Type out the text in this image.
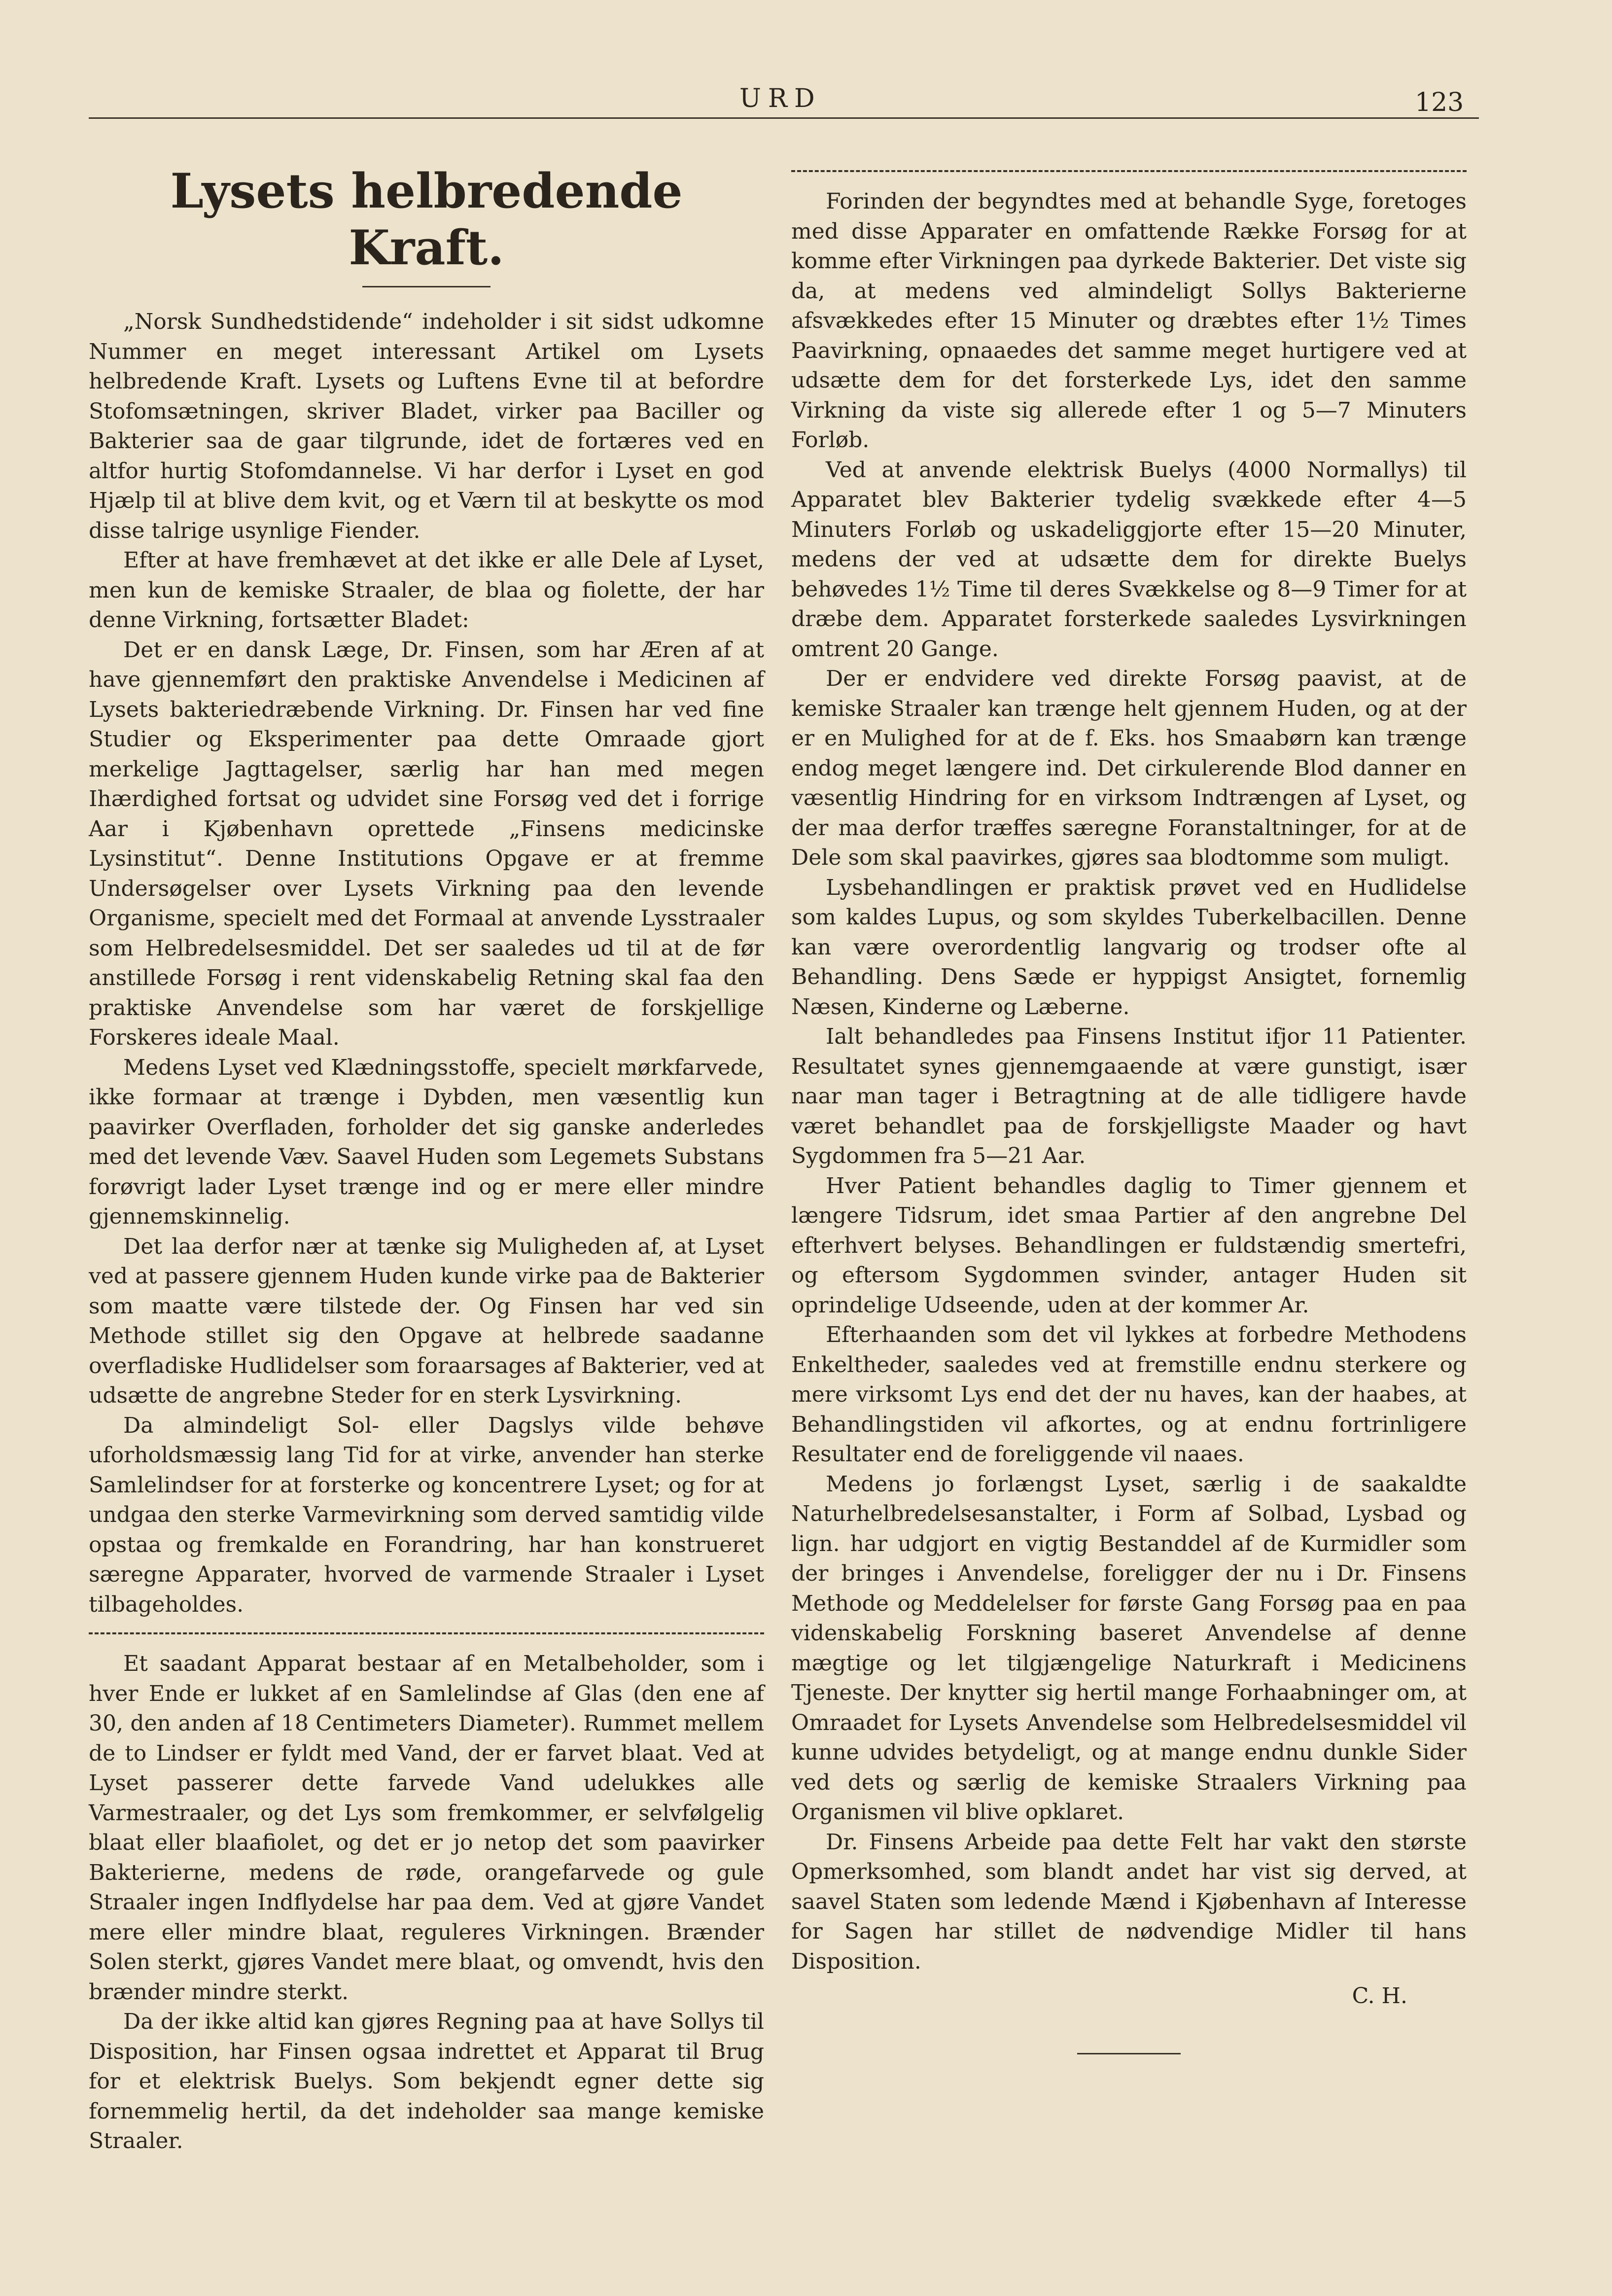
URD	123
Lysets helbredende Kraft.

„Norsk Sundhedstidende“ indeholder i sit sidst udkomne Nummer en meget interessant Artikel om Lysets helbredende Kraft. Lysets og Luftens Evne til at befordre Stofomsætningen, skriver Bladet, virker paa Baciller og Bakterier saa de gaar tilgrunde, idet de fortæres ved en altfor hurtig Stofomdannelse. Vi har derfor i Lyset en god Hjælp til at blive dem kvit, og et Værn til at beskytte os mod disse talrige usynlige Fiender.

Efter at have fremhævet at det ikke er alle Dele af Lyset, men kun de kemiske Straaler, de blaa og fiolette, der har denne Virkning, fortsætter Bladet:

Det er en dansk Læge, Dr. Finsen, som har Æren af at have gjennemført den praktiske Anvendelse i Medicinen af Lysets bakteriedræbende Virkning. Dr. Finsen har ved fine Studier og Eksperimenter paa dette Omraade gjort merkelige Jagttagelser, særlig har han med megen Ihærdighed fortsat og udvidet sine Forsøg ved det i forrige Aar i Kjøbenhavn oprettede „Finsens medicinske Lysinstitut“. Denne Institutions Opgave er at fremme Undersøgelser over Lysets Virkning paa den levende Organisme, specielt med det Formaal at anvende Lysstraaler som Helbredelsesmiddel. Det ser saaledes ud til at de før anstillede Forsøg i rent videnskabelig Retning skal faa den praktiske Anvendelse som har været de forskjellige Forskeres ideale Maal.

Medens Lyset ved Klædningsstoffe, specielt mørkfarvede, ikke formaar at trænge i Dybden, men væsentlig kun paavirker Overfladen, forholder det sig ganske anderledes med det levende Væv. Saavel Huden som Legemets Substans forøvrigt lader Lyset trænge ind og er mere eller mindre gjennemskinnelig.

Det laa derfor nær at tænke sig Muligheden af, at Lyset ved at passere gjennem Huden kunde virke paa de Bakterier som maatte være tilstede der. Og Finsen har ved sin Methode stillet sig den Opgave at helbrede saadanne overfladiske Hudlidelser som foraarsages af Bakterier, ved at udsætte de angrebne Steder for en sterk Lysvirkning.

Da almindeligt Sol- eller Dagslys vilde behøve uforholdsmæssig lang Tid for at virke, anvender han sterke Samlelindser for at forsterke og koncentrere Lyset; og for at undgaa den sterke Varmevirkning som derved samtidig vilde opstaa og fremkalde en Forandring, har han konstrueret særegne Apparater, hvorved de varmende Straaler i Lyset tilbageholdes.

Et saadant Apparat bestaar af en Metalbeholder, som i hver Ende er lukket af en Samlelindse af Glas (den ene af 30, den anden af 18 Centimeters Diameter). Rummet mellem de to Lindser er fyldt med Vand, der er farvet blaat. Ved at Lyset passerer dette farvede Vand udelukkes alle Varmestraaler, og det Lys som fremkommer, er selvfølgelig blaat eller blaafiolet, og det er jo netop det som paavirker Bakterierne, medens de røde, orangefarvede og gule Straaler ingen Indflydelse har paa dem. Ved at gjøre Vandet mere eller mindre blaat, reguleres Virkningen. Brænder Solen sterkt, gjøres Vandet mere blaat, og omvendt, hvis den brænder mindre sterkt.

Da der ikke altid kan gjøres Regning paa at have Sollys til Disposition, har Finsen ogsaa indrettet et Apparat til Brug for et elektrisk Buelys. Som bekjendt egner dette sig fornemmelig hertil, da det indeholder saa mange kemiske Straaler.

Forinden der begyndtes med at behandle Syge, foretoges med disse Apparater en omfattende Række Forsøg for at komme efter Virkningen paa dyrkede Bakterier. Det viste sig da, at medens ved almindeligt Sollys Bakterierne afsvækkedes efter 15 Minuter og dræbtes efter 1½ Times Paavirkning, opnaaedes det samme meget hurtigere ved at udsætte dem for det forsterkede Lys, idet den samme Virkning da viste sig allerede efter 1 og 5—7 Minuters Forløb.

Ved at anvende elektrisk Buelys (4000 Normallys) til Apparatet blev Bakterier tydelig svækkede efter 4—5 Minuters Forløb og uskadeliggjorte efter 15—20 Minuter, medens der ved at udsætte dem for direkte Buelys behøvedes 1½ Time til deres Svækkelse og 8—9 Timer for at dræbe dem. Apparatet forsterkede saaledes Lysvirkningen omtrent 20 Gange.

Der er endvidere ved direkte Forsøg paavist, at de kemiske Straaler kan trænge helt gjennem Huden, og at der er en Mulighed for at de f. Eks. hos Smaabørn kan trænge endog meget længere ind. Det cirkulerende Blod danner en væsentlig Hindring for en virksom Indtrængen af Lyset, og der maa derfor træffes særegne Foranstaltninger, for at de Dele som skal paavirkes, gjøres saa blodtomme som muligt.

Lysbehandlingen er praktisk prøvet ved en Hudlidelse som kaldes Lupus, og som skyldes Tuberkelbacillen. Denne kan være overordentlig langvarig og trodser ofte al Behandling. Dens Sæde er hyppigst Ansigtet, fornemlig Næsen, Kinderne og Læberne.

Ialt behandledes paa Finsens Institut ifjor 11 Patienter. Resultatet synes gjennemgaaende at være gunstigt, især naar man tager i Betragtning at de alle tidligere havde været behandlet paa de forskjelligste Maader og havt Sygdommen fra 5—21 Aar.

Hver Patient behandles daglig to Timer gjennem et længere Tidsrum, idet smaa Partier af den angrebne Del efterhvert belyses. Behandlingen er fuldstændig smertefri, og eftersom Sygdommen svinder, antager Huden sit oprindelige Udseende, uden at der kommer Ar.

Efterhaanden som det vil lykkes at forbedre Methodens Enkeltheder, saaledes ved at fremstille endnu sterkere og mere virksomt Lys end det der nu haves, kan der haabes, at Behandlingstiden vil afkortes, og at endnu fortrinligere Resultater end de foreliggende vil naaes.

Medens jo forlængst Lyset, særlig i de saakaldte Naturhelbredelsesanstalter, i Form af Solbad, Lysbad og lign. har udgjort en vigtig Bestanddel af de Kurmidler som der bringes i Anvendelse, foreligger der nu i Dr. Finsens Methode og Meddelelser for første Gang Forsøg paa en paa videnskabelig Forskning baseret Anvendelse af denne mægtige og let tilgjængelige Naturkraft i Medicinens Tjeneste. Der knytter sig hertil mange Forhaabninger om, at Omraadet for Lysets Anvendelse som Helbredelsesmiddel vil kunne udvides betydeligt, og at mange endnu dunkle Sider ved dets og særlig de kemiske Straalers Virkning paa Organismen vil blive opklaret.

Dr. Finsens Arbeide paa dette Felt har vakt den største Opmerksomhed, som blandt andet har vist sig derved, at saavel Staten som ledende Mænd i Kjøbenhavn af Interesse for Sagen har stillet de nødvendige Midler til hans Disposition.

C. H.
